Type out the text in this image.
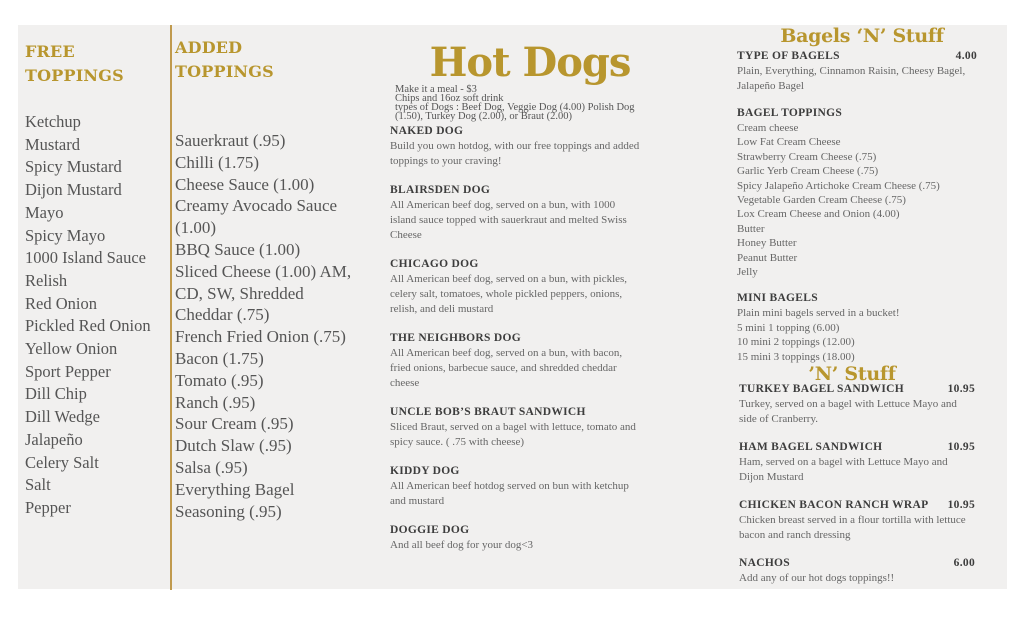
FREE
TOPPINGS
Ketchup
Mustard
Spicy Mustard
Dijon Mustard
Mayo
Spicy Mayo
1000 Island Sauce
Relish
Red Onion
Pickled Red Onion
Yellow Onion
Sport Pepper
Dill Chip
Dill Wedge
Jalapeño
Celery Salt
Salt
Pepper
ADDED
TOPPINGS
Sauerkraut (.95)
Chilli (1.75)
Cheese Sauce (1.00)
Creamy Avocado Sauce (1.00)
BBQ Sauce (1.00)
Sliced Cheese (1.00) AM, CD, SW, Shredded Cheddar (.75)
French Fried Onion (.75)
Bacon (1.75)
Tomato (.95)
Ranch (.95)
Sour Cream (.95)
Dutch Slaw (.95)
Salsa (.95)
Everything Bagel Seasoning (.95)
Hot Dogs
Make it a meal - $3
Chips and 16oz soft drink
types of Dogs : Beef Dog, Veggie Dog (4.00) Polish Dog (1.50), Turkey Dog (2.00), or Braut (2.00)
NAKED DOG
Build you own hotdog, with our free toppings and added toppings to your craving!
BLAIRSDEN DOG
All American beef dog, served on a bun, with 1000 island sauce topped with sauerkraut and melted Swiss Cheese
CHICAGO DOG
All American beef dog, served on a bun, with pickles, celery salt, tomatoes, whole pickled peppers, onions, relish, and deli mustard
THE NEIGHBORS DOG
All American beef dog, served on a bun, with bacon, fried onions, barbecue sauce, and shredded cheddar cheese
UNCLE BOB’S BRAUT SANDWICH
Sliced Braut, served on a bagel with lettuce, tomato and spicy sauce. ( .75 with cheese)
KIDDY DOG
All American beef hotdog served on bun with ketchup and mustard
DOGGIE DOG
And all beef dog for your dog<3
Bagels ‘N’ Stuff
TYPE OF BAGELS	4.00
Plain, Everything, Cinnamon Raisin, Cheesy Bagel, Jalapeño Bagel
BAGEL TOPPINGS
Cream cheese
Low Fat Cream Cheese
Strawberry Cream Cheese (.75)
Garlic Yerb Cream Cheese (.75)
Spicy Jalapeño Artichoke Cream Cheese (.75)
Vegetable Garden Cream Cheese (.75)
Lox Cream Cheese and Onion (4.00)
Butter
Honey Butter
Peanut Butter
Jelly
MINI BAGELS
Plain mini bagels served in a bucket!
5 mini 1 topping (6.00)
10 mini 2 toppings (12.00)
15 mini 3 toppings (18.00)
’N’ Stuff
TURKEY BAGEL SANDWICH	10.95
Turkey, served on a bagel with Lettuce Mayo and side of Cranberry.
HAM BAGEL SANDWICH	10.95
Ham, served on a bagel with Lettuce Mayo and Dijon Mustard
CHICKEN BACON RANCH WRAP 10.95
Chicken breast served in a flour tortilla with lettuce bacon and ranch dressing
NACHOS	6.00
Add any of our hot dogs toppings!!
